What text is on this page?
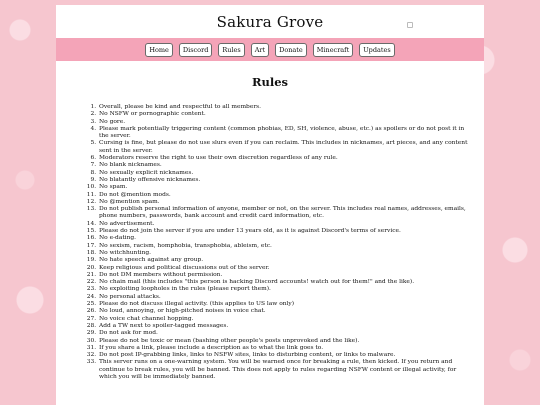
Sakura Grove
Home	Discord	Rules	Art	Donate	Minecraft	Updates
Rules
1. Overall, please be kind and respectful to all members.
2. No NSFW or pornographic content.
3. No gore.
4. Please mark potentially triggering content (common phobias, ED, SH, violence, abuse, etc.) as spoilers or do not post it in the server.
5. Cursing is fine, but please do not use slurs even if you can reclaim. This includes in nicknames, art pieces, and any content sent in the server.
6. Moderators reserve the right to use their own discretion regardless of any rule.
7. No blank nicknames.
8. No sexually explicit nicknames.
9. No blatantly offensive nicknames.
10. No spam.
11. Do not @mention mods.
12. No @mention spam.
13. Do not publish personal information of anyone, member or not, on the server. This includes real names, addresses, emails, phone numbers, passwords, bank account and credit card information, etc.
14. No advertisement.
15. Please do not join the server if you are under 13 years old, as it is against Discord's terms of service.
16. No e-dating.
17. No sexism, racism, homphobia, transphobia, ableism, etc.
18. No witchhunting.
19. No hate speech against any group.
20. Keep religious and political discussions out of the server.
21. Do not DM members without permission.
22. No chain mail (this includes "this person is hacking Discord accounts! watch out for them!" and the like).
23. No exploiting loopholes in the rules (please report them).
24. No personal attacks.
25. Please do not discuss illegal activity. (this applies to US law only)
26. No loud, annoying, or high-pitched noises in voice chat.
27. No voice chat channel hopping.
28. Add a TW next to spoiler-tagged messages.
29. Do not ask for mod.
30. Please do not be toxic or mean (bashing other people's posts unprovoked and the like).
31. If you share a link, please include a description as to what the link goes to.
32. Do not post IP-grabbing links, links to NSFW sites, links to disturbing content, or links to malware.
33. This server runs on a one-warning system. You will be warned once for breaking a rule, then kicked. If you return and continue to break rules, you will be banned. This does not apply to rules regarding NSFW content or illegal activity, for which you will be immediately banned.
